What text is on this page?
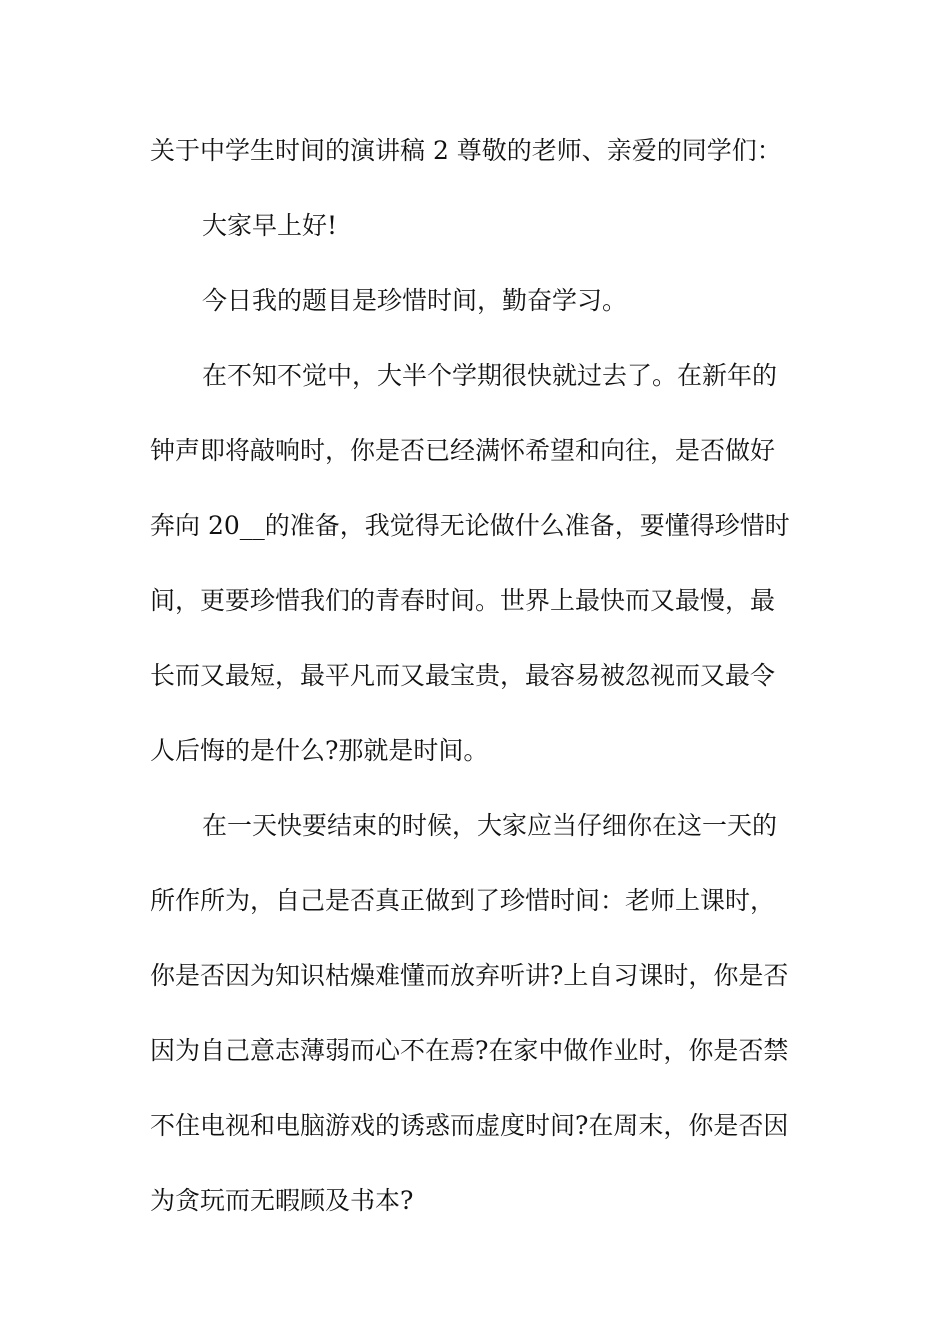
关于中学生时间的演讲稿 2 尊敬的老师、亲爱的同学们：

大家早上好!

今日我的题目是珍惜时间，勤奋学习。

在不知不觉中，大半个学期很快就过去了。在新年的

钟声即将敲响时，你是否已经满怀希望和向往，是否做好

奔向 20__的准备，我觉得无论做什么准备，要懂得珍惜时

间，更要珍惜我们的青春时间。世界上最快而又最慢，最

长而又最短，最平凡而又最宝贵，最容易被忽视而又最令

人后悔的是什么?那就是时间。

在一天快要结束的时候，大家应当仔细你在这一天的

所作所为，自己是否真正做到了珍惜时间：老师上课时，

你是否因为知识枯燥难懂而放弃听讲?上自习课时，你是否

因为自己意志薄弱而心不在焉?在家中做作业时，你是否禁

不住电视和电脑游戏的诱惑而虚度时间?在周末，你是否因

为贪玩而无暇顾及书本?
